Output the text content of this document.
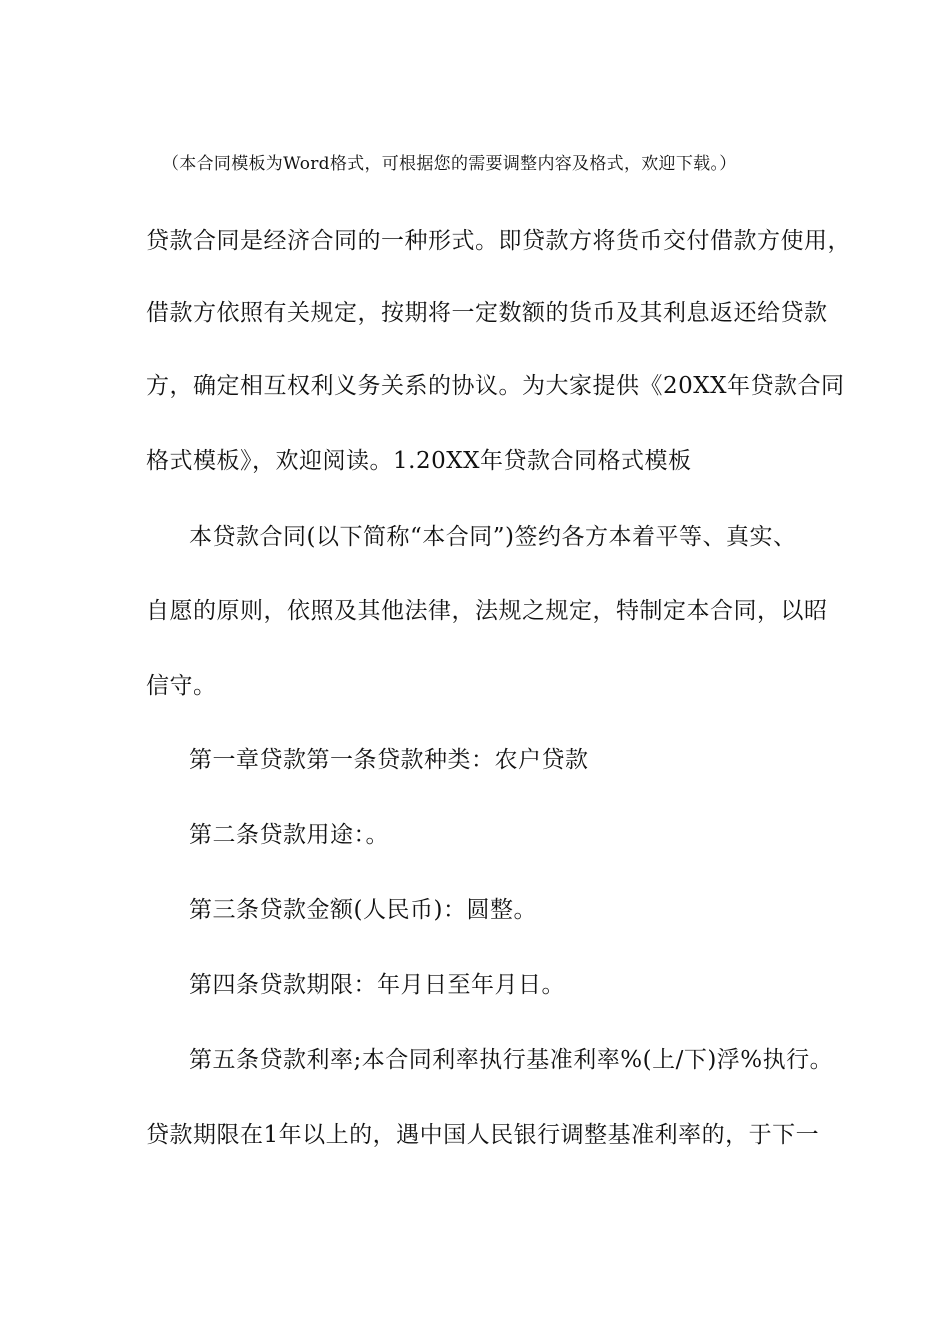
（本合同模板为Word格式，可根据您的需要调整内容及格式，欢迎下载。）
贷款合同是经济合同的一种形式。即贷款方将货币交付借款方使用，
借款方依照有关规定，按期将一定数额的货币及其利息返还给贷款
方，确定相互权利义务关系的协议。为大家提供《20XX年贷款合同
格式模板》，欢迎阅读。1.20XX年贷款合同格式模板
本贷款合同(以下简称“本合同”)签约各方本着平等、真实、
自愿的原则，依照及其他法律，法规之规定，特制定本合同，以昭
信守。
第一章贷款第一条贷款种类：农户贷款
第二条贷款用途：。
第三条贷款金额(人民币)：圆整。
第四条贷款期限：年月日至年月日。
第五条贷款利率;本合同利率执行基准利率%(上/下)浮%执行。
贷款期限在1年以上的，遇中国人民银行调整基准利率的，于下一
